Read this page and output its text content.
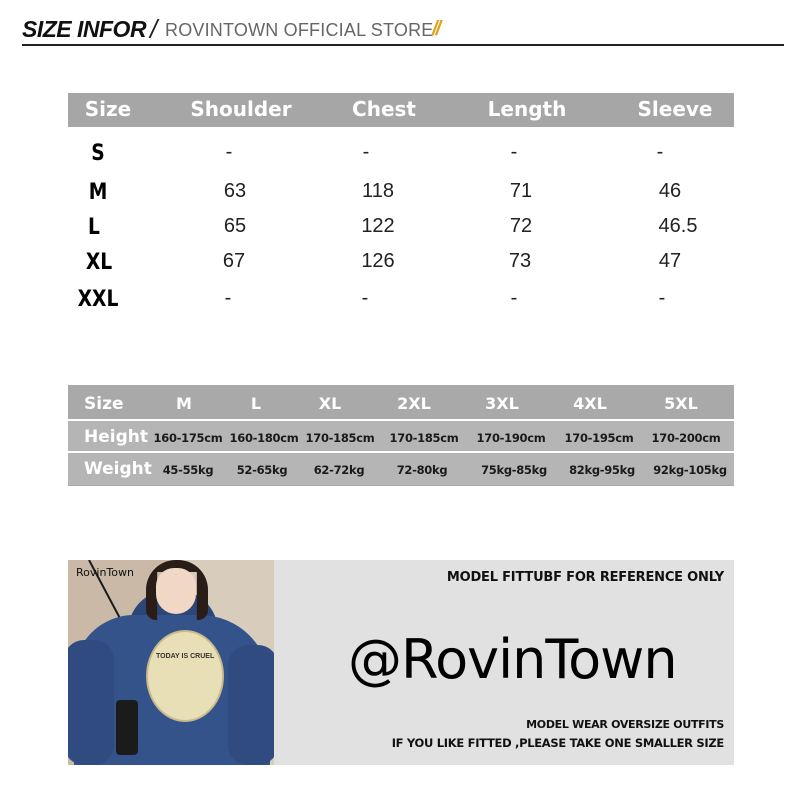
SIZE INFOR / ROVINTOWN OFFICIAL STORE
//
Size	Shoulder	Chest	Length	Sleeve
S	-	-	-	-
M	63	118	71	46
L	65	122	72	46.5
XL	67	126	73	47
XXL	-	-	-	-
Size	M	L	XL	2XL	3XL	4XL	5XL
Height 160-175cm 160-180cm 170-185cm 170-185cm 170-190cm 170-195cm 170-200cm
Weight 45-55kg 52-65kg 62-72kg	72-80kg	75kg-85kg 82kg-95kg 92kg-105kg
TODAY IS CRUEL
RovinTown	MODEL FITTUBF FOR REFERENCE ONLY
@RovinTown
MODEL WEAR OVERSIZE OUTFITS
IF YOU LIKE FITTED ,PLEASE TAKE ONE SMALLER SIZE
